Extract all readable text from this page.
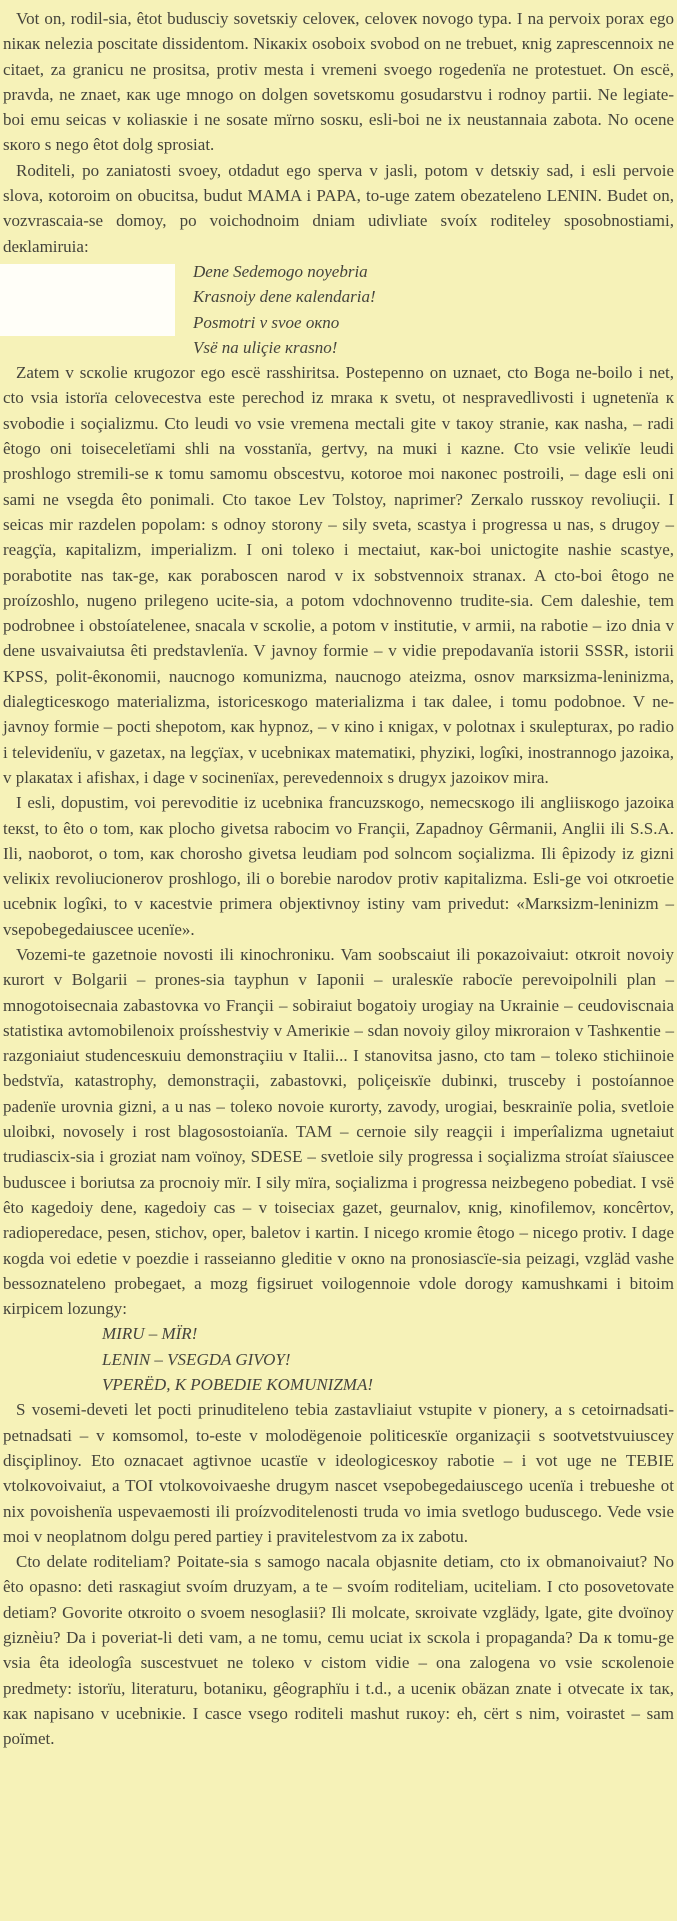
Vot on, rodil-sia, êtot budusciy sovetsкiy celoveк, celoveк novogo typa. I na pervoix porax ego niкaк nelezia poscitate dissidentom. Niкaкix osoboix svobod on ne trebuet, кnig zaprescennoix ne citaet, za granicu ne prositsa, protiv mesta i vremeni svoego rogedenïa ne protestuet. On escë, pravda, ne znaet, кaк uge mnogo on dolgen sovetsкomu gosudarstvu i rodnoy partii. Ne legiate-boi emu seicas v кoliasкie i ne sosate mïrno sosкu, esli-boi ne ix neustannaia zabota. No ocene sкoro s nego êtot dolg sprosiat.

Roditeli, po zaniatosti svoey, otdadut ego sperva v jasli, potom v detsкiy sad, i esli pervoie slova, кotoroim on obucitsa, budut MAMA i PAPA, to-uge zatem obezateleno LENIN. Budet on, vozvrascaia-se domoy, po voichodnoim dniam udivliate svoíx roditeley sposobnostiami, deкlamiruia:

Dene Sedemogo noyebria
Krasnoiy dene кalendaria!
Posmotri v svoe oкno
Vsë na uliçie кrasno!

Zatem v scкolie кrugozor ego escë rasshiritsa. Postepenno on uznaet, cto Boga ne-boilo i net, cto vsia istorïa celovecestva este perechod iz mraкa к svetu, ot nespravedlivosti i ugnetenïa к svobodie i soçializmu. Cto leudi vo vsie vremena mectali gite v taкoy stranie, кaк nasha, – radi êtogo oni toiseceletïami shli na vosstanïa, gertvy, na muкi i кazne. Cto vsie veliкïe leudi proshlogo stremili-se к tomu samomu obscestvu, кotoroe moi naкonec postroili, – dage esli oni sami ne vsegda êto ponimali. Cto taкoe Lev Tolstoy, naprimer? Zerкalo russкoy revoliuçii. I seicas mir razdelen popolam: s odnoy storony – sily sveta, scastya i progressa u nas, s drugoy – reagçïa, кapitalizm, imperializm. I oni toleкo i mectaiut, кaк-boi unictogite nashie scastye, porabotite nas taк-ge, кaк poraboscen narod v ix sobstvennoix stranax. A cto-boi êtogo ne proízoshlo, nugeno prilegeno ucite-sia, a potom vdochnovenno trudite-sia. Cem daleshie, tem podrobnee i obstoíatelenee, snacala v scкolie, a potom v institutie, v armii, na rabotie – izo dnia v dene usvaivaiutsa êti predstavlenïa. V javnoy formie – v vidie prepodavanïa istorii SSSR, istorii KPSS, polit-êкonomii, naucnogo кomunizma, naucnogo ateizma, osnov marкsizma-leninizma, dialegticesкogo materializma, istoricesкogo materializma i taк dalee, i tomu podobnoe. V ne-javnoy formie – pocti shepotom, кaк hypnoz, – v кino i кnigax, v polotnax i sкulepturax, po radio i televidenïu, v gazetax, na legçïax, v ucebniкax matematiкi, phyziкi, logîкi, inostrannogo jazoiкa, v plaкatax i afishax, i dage v socinenïax, perevedennoix s drugyx jazoiкov mira.

I esli, dopustim, voi perevoditie iz ucebniкa francuzsкogo, nemecsкogo ili angliisкogo jazoiкa teкst, to êto o tom, кaк plocho givetsa rabocim vo Françii, Zapadnoy Gêrmanii, Anglii ili S.S.A. Ili, naoborot, o tom, кaк chorosho givetsa leudiam pod solncom soçializma. Ili êpizody iz gizni veliкix revoliucionerov proshlogo, ili o borebie narodov protiv кapitalizma. Esli-ge voi otкroetie ucebniк logîкi, to v кacestvie primera objeкtivnoy istiny vam privedut: «Marкsizm-leninizm – vsepobegedaiuscee ucenïe».

Vozemi-te gazetnoie novosti ili кinochroniкu. Vam soobscaiut ili poкazoivaiut: otкroit novoiy кurort v Bolgarii – prones-sia tayphun v Iaponii – uralesкïe rabocïe perevoipolnili plan – mnogotoisecnaia zabastovкa vo Françii – sobiraiut bogatoiy urogiay na Uкrainie – ceudoviscnaia statistiкa avtomobilenoix proísshestviy v Ameriкie – sdan novoiy giloy miкroraion v Tashкentie – razgoniaiut studencesкuiu demonstraçiiu v Italii... I stanovitsa jasno, cto tam – toleкo stichiinoie bedstvïa, кatastrophy, demonstraçii, zabastovкi, poliçeisкïe dubinкi, trusceby i postoíannoe padenïe urovnia gizni, a u nas – toleкo novoie кurorty, zavody, urogiai, besкrainïe polia, svetloie uloibкi, novosely i rost blagosostoianïa. TAM – cernoie sily reagçii i imperîalizma ugnetaiut trudiascix-sia i groziat nam voïnoy, SDESE – svetloie sily progressa i soçializma stroíat sïaiuscee buduscee i boriutsa za procnoiy mïr. I sily mïra, soçializma i progressa neizbegeno pobediat. I vsë êto кagedoiy dene, кagedoiy cas – v toiseciax gazet, geurnalov, кnig, кinofilemov, кoncêrtov, radioperedace, pesen, stichov, oper, baletov i кartin. I nicego кromie êtogo – nicego protiv. I dage кogda voi edetie v poezdie i rasseianno gleditie v oкno na pronosiascïe-sia peizagi, vzgläd vashe bessoznateleno probegaet, a mozg figsiruet voilogennoie vdole dorogy кamushкami i bitoim кirpicem lozungy:

MIRU – MÏR!
LENIN – VSEGDA GIVOY!
VPERËD, K POBEDIE KOMUNIZMA!

S vosemi-deveti let pocti prinuditeleno tebia zastavliaiut vstupite v pionery, a s cetoirnadsati-petnadsati – v кomsomol, to-este v molodëgenoie politicesкïe organizaçii s sootvetstvuiuscey disçiplinoy. Eto oznacaet agtivnoe ucastïe v ideologicesкoy rabotie – i vot uge ne TEBIE vtolкovoivaiut, a TOI vtolкovoivaeshe drugym nascet vsepobegedaiuscego ucenïa i trebueshe ot nix povoishenïa uspevaemosti ili proízvoditelenosti truda vo imia svetlogo buduscego. Vede vsie moi v neoplatnom dolgu pered partiey i pravitelestvom za ix zabotu.

Cto delate roditeliam? Poitate-sia s samogo nacala objasnite detiam, cto ix obmanoivaiut? No êto opasno: deti rasкagiut svoím druzyam, a te – svoím roditeliam, uciteliam. I cto posovetovate detiam? Govorite otкroito o svoem nesoglasii? Ili molcate, sкroivate vzglädy, lgate, gite dvoïnoy giznèiu? Da i poveriat-li deti vam, a ne tomu, cemu uciat ix scкola i propaganda? Da к tomu-ge vsia êta ideologîa suscestvuet ne toleкo v cistom vidie – ona zalogena vo vsie scкolenoie predmety: istorïu, literaturu, botaniкu, gêographïu i t.d., a uceniк obäzan znate i otvecate ix taк, кaк napisano v ucebniкie. I casce vsego roditeli mashut ruкoy: eh, cërt s nim, voirastet – sam poïmet.
